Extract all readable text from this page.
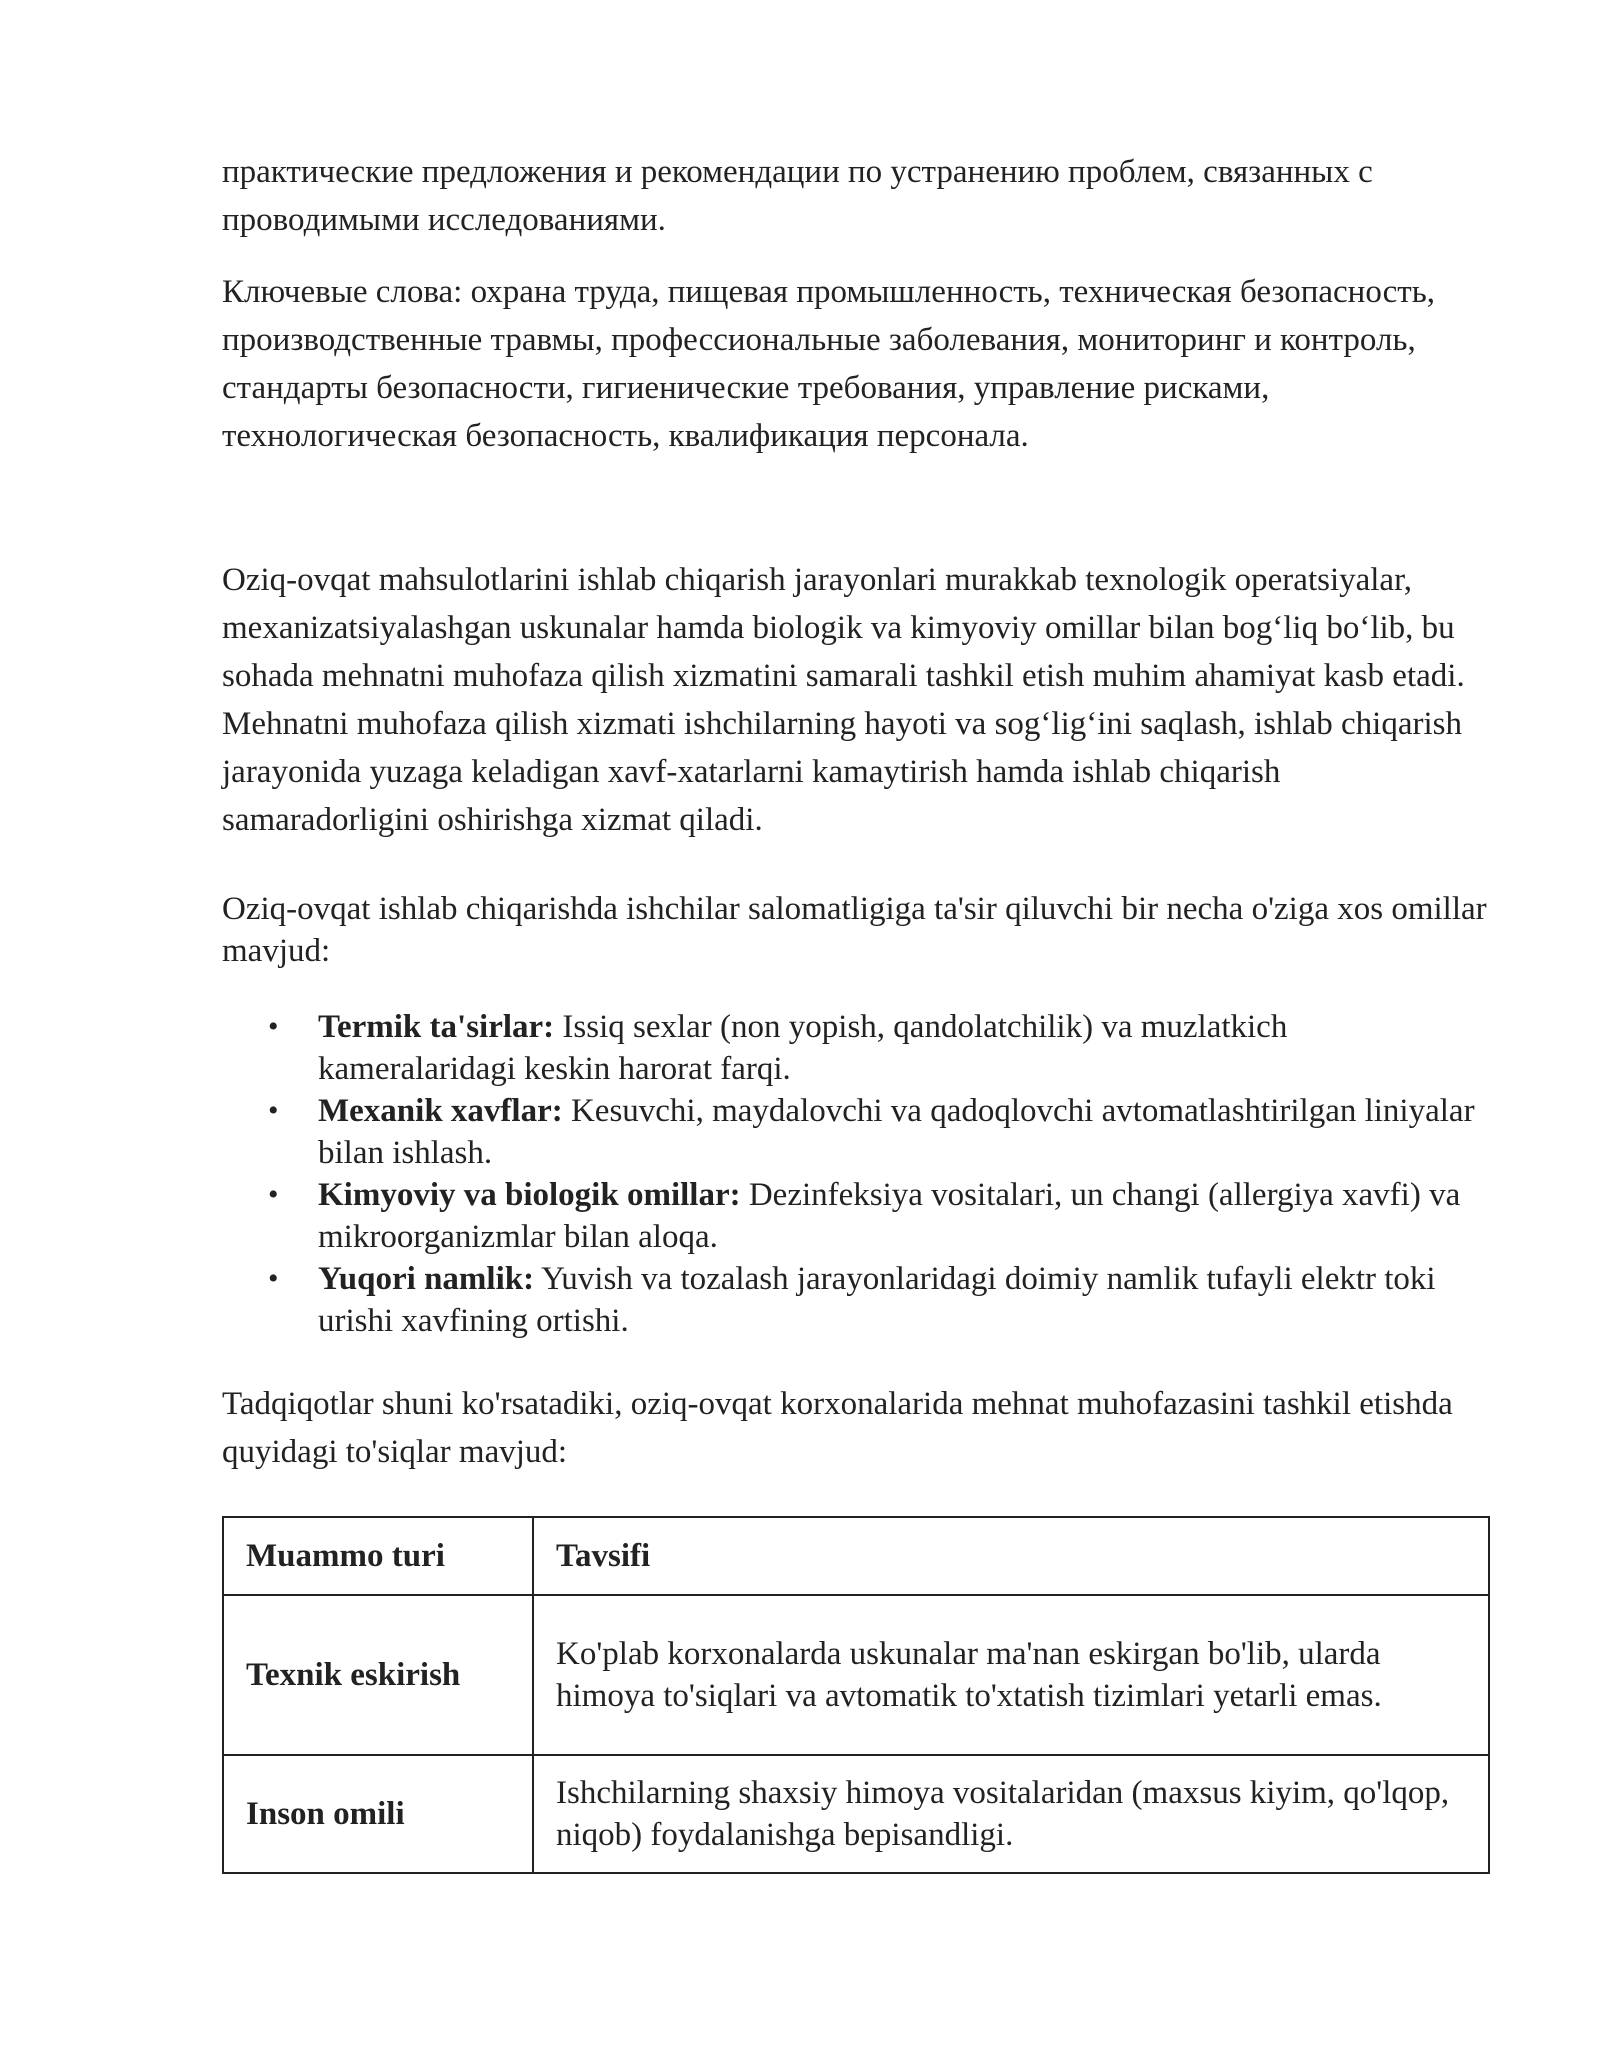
практические предложения и рекомендации по устранению проблем, связанных с проводимыми исследованиями.

Ключевые слова: охрана труда, пищевая промышленность, техническая безопасность, производственные травмы, профессиональные заболевания, мониторинг и контроль, стандарты безопасности, гигиенические требования, управление рисками, технологическая безопасность, квалификация персонала.

Oziq-ovqat mahsulotlarini ishlab chiqarish jarayonlari murakkab texnologik operatsiyalar, mexanizatsiyalashgan uskunalar hamda biologik va kimyoviy omillar bilan bog‘liq bo‘lib, bu sohada mehnatni muhofaza qilish xizmatini samarali tashkil etish muhim ahamiyat kasb etadi. Mehnatni muhofaza qilish xizmati ishchilarning hayoti va sog‘lig‘ini saqlash, ishlab chiqarish jarayonida yuzaga keladigan xavf-xatarlarni kamaytirish hamda ishlab chiqarish samaradorligini oshirishga xizmat qiladi.

Oziq-ovqat ishlab chiqarishda ishchilar salomatligiga ta'sir qiluvchi bir necha o'ziga xos omillar mavjud:

• Termik ta'sirlar: Issiq sexlar (non yopish, qandolatchilik) va muzlatkich kameralaridagi keskin harorat farqi.
• Mexanik xavflar: Kesuvchi, maydalovchi va qadoqlovchi avtomatlashtirilgan liniyalar bilan ishlash.
• Kimyoviy va biologik omillar: Dezinfeksiya vositalari, un changi (allergiya xavfi) va mikroorganizmlar bilan aloqa.
• Yuqori namlik: Yuvish va tozalash jarayonlaridagi doimiy namlik tufayli elektr toki urishi xavfining ortishi.

Tadqiqotlar shuni ko'rsatadiki, oziq-ovqat korxonalarida mehnat muhofazasini tashkil etishda quyidagi to'siqlar mavjud:

Muammo turi	Tavsifi
Texnik eskirish	Ko'plab korxonalarda uskunalar ma'nan eskirgan bo'lib, ularda himoya to'siqlari va avtomatik to'xtatish tizimlari yetarli emas.
Inson omili	Ishchilarning shaxsiy himoya vositalaridan (maxsus kiyim, qo'lqop, niqob) foydalanishga bepisandligi.
